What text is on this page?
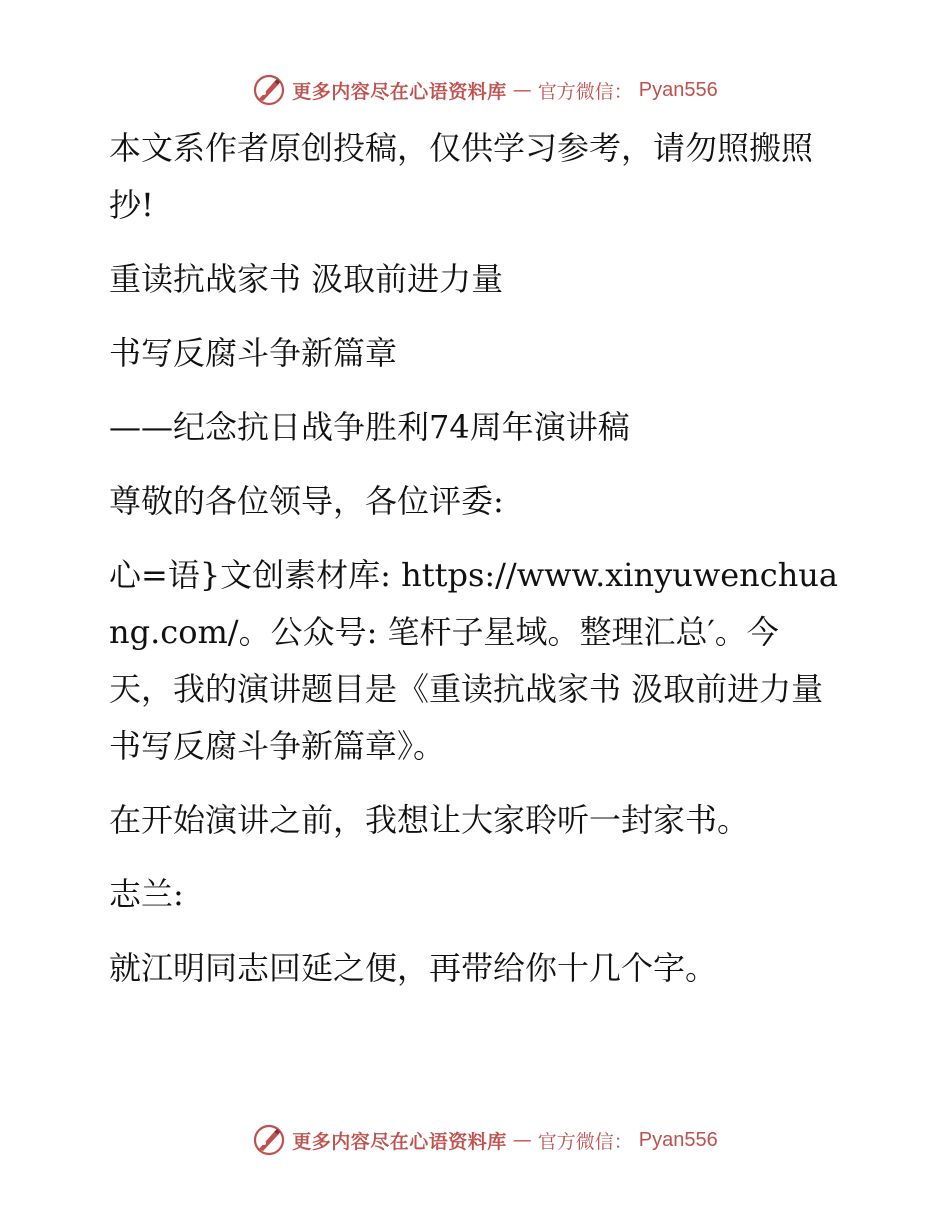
更多内容尽在心语资料库 — 官方微信： Pyan556

本文系作者原创投稿，仅供学习参考，请勿照搬照抄!

重读抗战家书 汲取前进力量

书写反腐斗争新篇章

——纪念抗日战争胜利74周年演讲稿

尊敬的各位领导，各位评委:

心=语}文创素材库: https://www.xinyuwenchuang.com/。公众号: 笔杆子星域。整理汇总′。今天，我的演讲题目是《重读抗战家书 汲取前进力量 书写反腐斗争新篇章》。

在开始演讲之前，我想让大家聆听一封家书。

志兰:

就江明同志回延之便，再带给你十几个字。

更多内容尽在心语资料库 — 官方微信： Pyan556
